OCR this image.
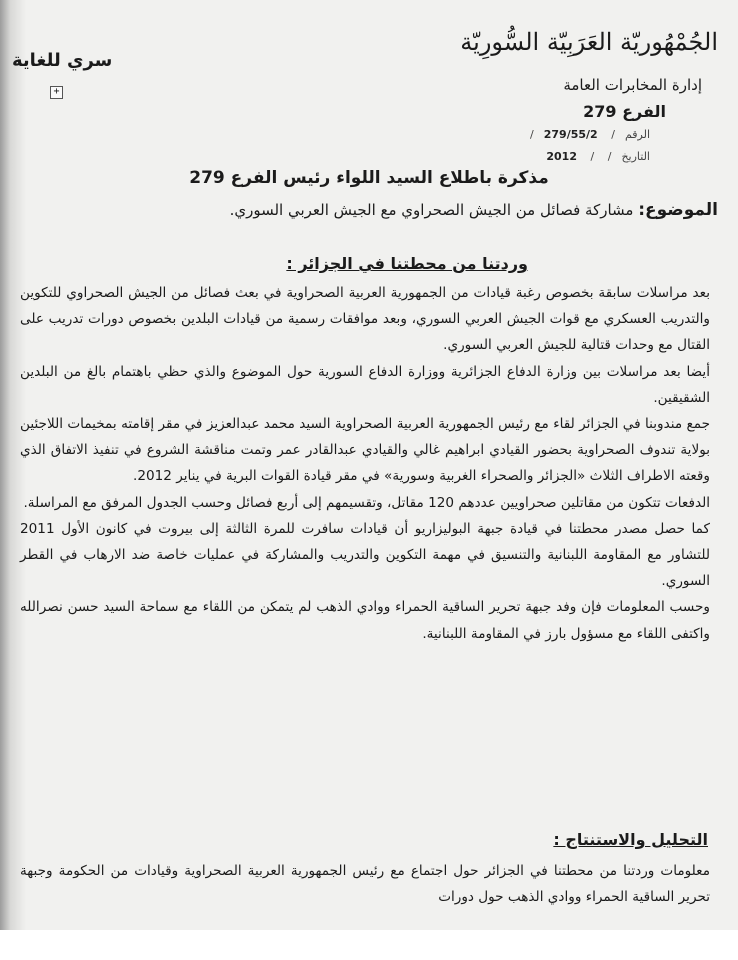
الجُمْهُوريّة العَرَبِيّة السُّورِيّة
إدارة المخابرات العامة
الفرع 279
سري للغاية
+
الرقم/ 279/55/2/
التاريخ/ / 2012
مذكرة باطلاع السيد اللواء رئيس الفرع 279
الموضوع: مشاركة فصائل من الجيش الصحراوي مع الجيش العربي السوري.
وردتنا من محطتنا في الجزائر :

بعد مراسلات سابقة بخصوص رغبة قيادات من الجمهورية العربية الصحراوية في بعث فصائل من الجيش الصحراوي للتكوين والتدريب العسكري مع قوات الجيش العربي السوري، وبعد موافقات رسمية من قيادات البلدين بخصوص دورات تدريب على القتال مع وحدات قتالية للجيش العربي السوري.

أيضا بعد مراسلات بين وزارة الدفاع الجزائرية ووزارة الدفاع السورية حول الموضوع والذي حظي باهتمام بالغ من البلدين الشقيقين.

جمع مندوبنا في الجزائر لقاء مع رئيس الجمهورية العربية الصحراوية السيد محمد عبدالعزيز في مقر إقامته بمخيمات اللاجئين بولاية تندوف الصحراوية بحضور القيادي ابراهيم غالي والقيادي عبدالقادر عمر وتمت مناقشة الشروع في تنفيذ الاتفاق الذي وقعته الاطراف الثلاث «الجزائر والصحراء الغربية وسورية» في مقر قيادة القوات البرية في يناير 2012.

الدفعات تتكون من مقاتلين صحراويين عددهم 120 مقاتل، وتقسيمهم إلى أربع فصائل وحسب الجدول المرفق مع المراسلة.

كما حصل مصدر محطتنا في قيادة جبهة البوليزاريو أن قيادات سافرت للمرة الثالثة إلى بيروت في كانون الأول 2011 للتشاور مع المقاومة اللبنانية والتنسيق في مهمة التكوين والتدريب والمشاركة في عمليات خاصة ضد الارهاب في القطر السوري.

وحسب المعلومات فإن وفد جبهة تحرير الساقية الحمراء ووادي الذهب لم يتمكن من اللقاء مع سماحة السيد حسن نصرالله واكتفى اللقاء مع مسؤول بارز في المقاومة اللبنانية.

التحليل والاستنتاج :

معلومات وردتنا من محطتنا في الجزائر حول اجتماع مع رئيس الجمهورية العربية الصحراوية وقيادات من الحكومة وجبهة تحرير الساقية الحمراء ووادي الذهب حول دورات
